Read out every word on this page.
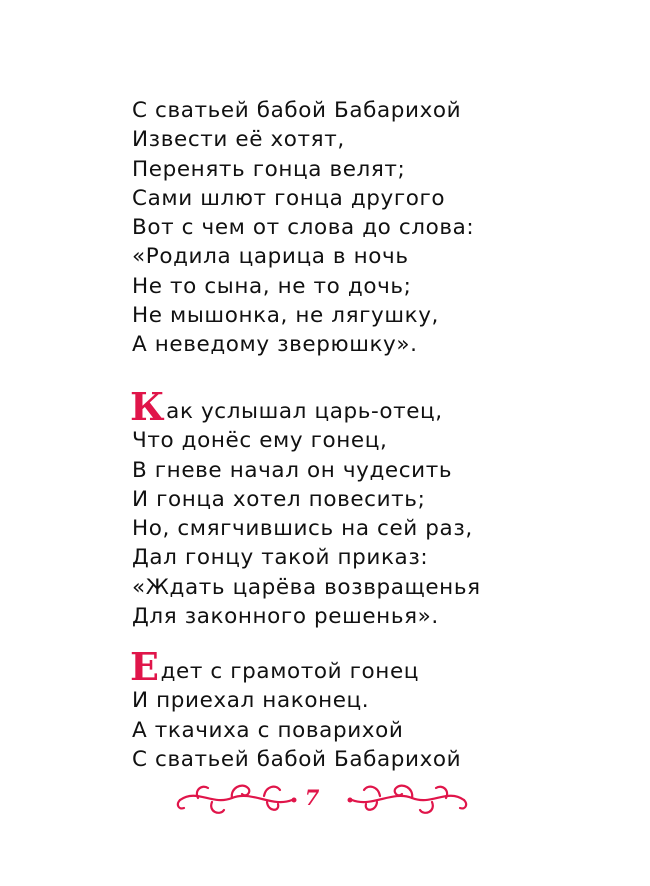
С сватьей бабой Бабарихой
Извести её хотят,
Перенять гонца велят;
Сами шлют гонца другого
Вот с чем от слова до слова:
«Родила царица в ночь
Не то сына, не то дочь;
Не мышонка, не лягушку,
А неведому зверюшку».
Как услышал царь-отец,
Что донёс ему гонец,
В гневе начал он чудесить
И гонца хотел повесить;
Но, смягчившись на сей раз,
Дал гонцу такой приказ:
«Ждать царёва возвращенья
Для законного решенья».
Едет с грамотой гонец
И приехал наконец.
А ткачиха с поварихой
С сватьей бабой Бабарихой
7
